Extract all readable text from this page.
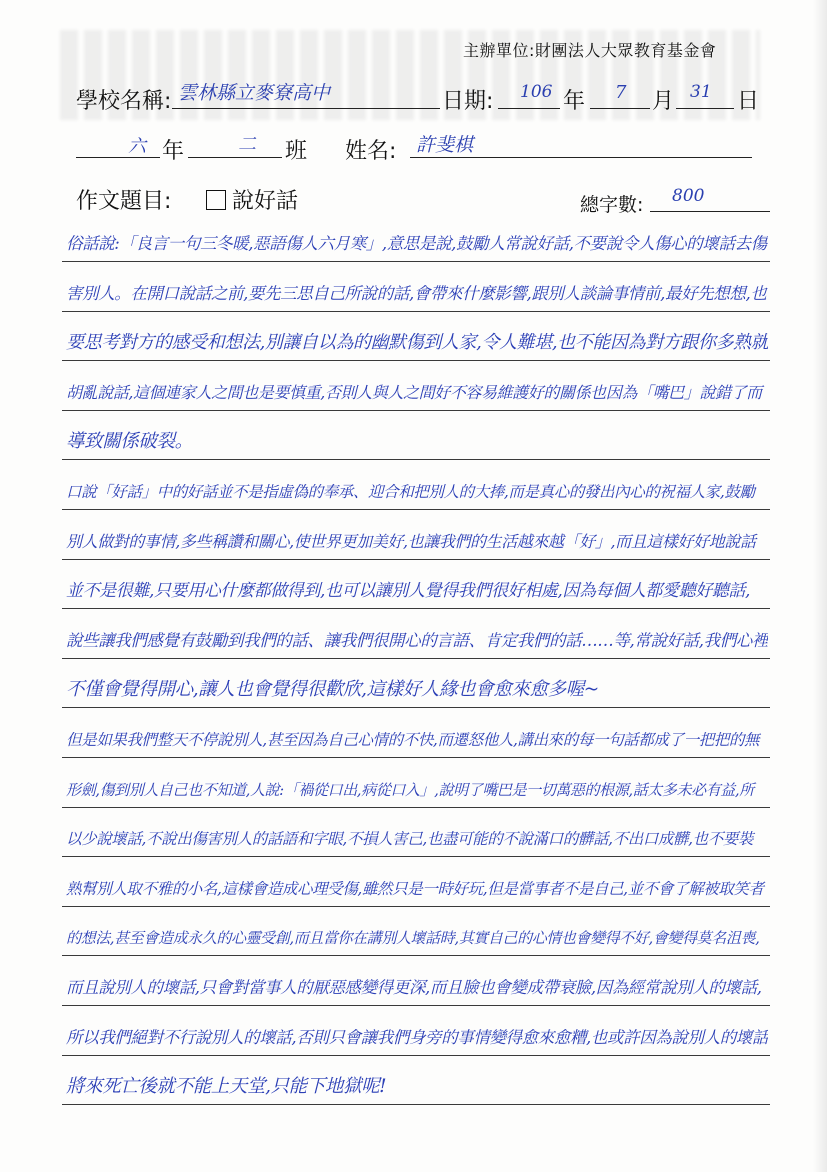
主辦單位:財團法人大眾教育基金會
學校名稱: 雲林縣立麥寮高中	日期: 106 年 7 月 31 日
六 年	二 班 姓名: 許斐棋
作文題目:	說好話	總字數: 800
俗話說:「良言一句三冬暖,惡語傷人六月寒」,意思是說,鼓勵人常說好話,不要說令人傷心的壞話去傷
害別人。在開口說話之前,要先三思自己所說的話,會帶來什麼影響,跟別人談論事情前,最好先想想,也
要思考對方的感受和想法,別讓自以為的幽默傷到人家,令人難堪,也不能因為對方跟你多熟就
胡亂說話,這個連家人之間也是要慎重,否則人與人之間好不容易維護好的關係也因為「嘴巴」說錯了而
導致關係破裂。
口說「好話」中的好話並不是指虛偽的奉承、迎合和把別人的大捧,而是真心的發出內心的祝福人家,鼓勵
別人做對的事情,多些稱讚和關心,使世界更加美好,也讓我們的生活越來越「好」,而且這樣好好地說話
並不是很難,只要用心什麼都做得到,也可以讓別人覺得我們很好相處,因為每個人都愛聽好聽話,
說些讓我們感覺有鼓勵到我們的話、讓我們很開心的言語、肯定我們的話……等,常說好話,我們心裡
不僅會覺得開心,讓人也會覺得很歡欣,這樣好人緣也會愈來愈多喔~
但是如果我們整天不停說別人,甚至因為自己心情的不快,而遷怒他人,講出來的每一句話都成了一把把的無
形劍,傷到別人自己也不知道,人說:「禍從口出,病從口入」,說明了嘴巴是一切萬惡的根源,話太多未必有益,所
以少說壞話,不說出傷害別人的話語和字眼,不損人害己,也盡可能的不說滿口的髒話,不出口成髒,也不要裝
熟幫別人取不雅的小名,這樣會造成心理受傷,雖然只是一時好玩,但是當事者不是自己,並不會了解被取笑者
的想法,甚至會造成永久的心靈受創,而且當你在講別人壞話時,其實自己的心情也會變得不好,會變得莫名沮喪,
而且說別人的壞話,只會對當事人的厭惡感變得更深,而且臉也會變成帶衰臉,因為經常說別人的壞話,
所以我們絕對不行說別人的壞話,否則只會讓我們身旁的事情變得愈來愈糟,也或許因為說別人的壞話
將來死亡後就不能上天堂,只能下地獄呢!
